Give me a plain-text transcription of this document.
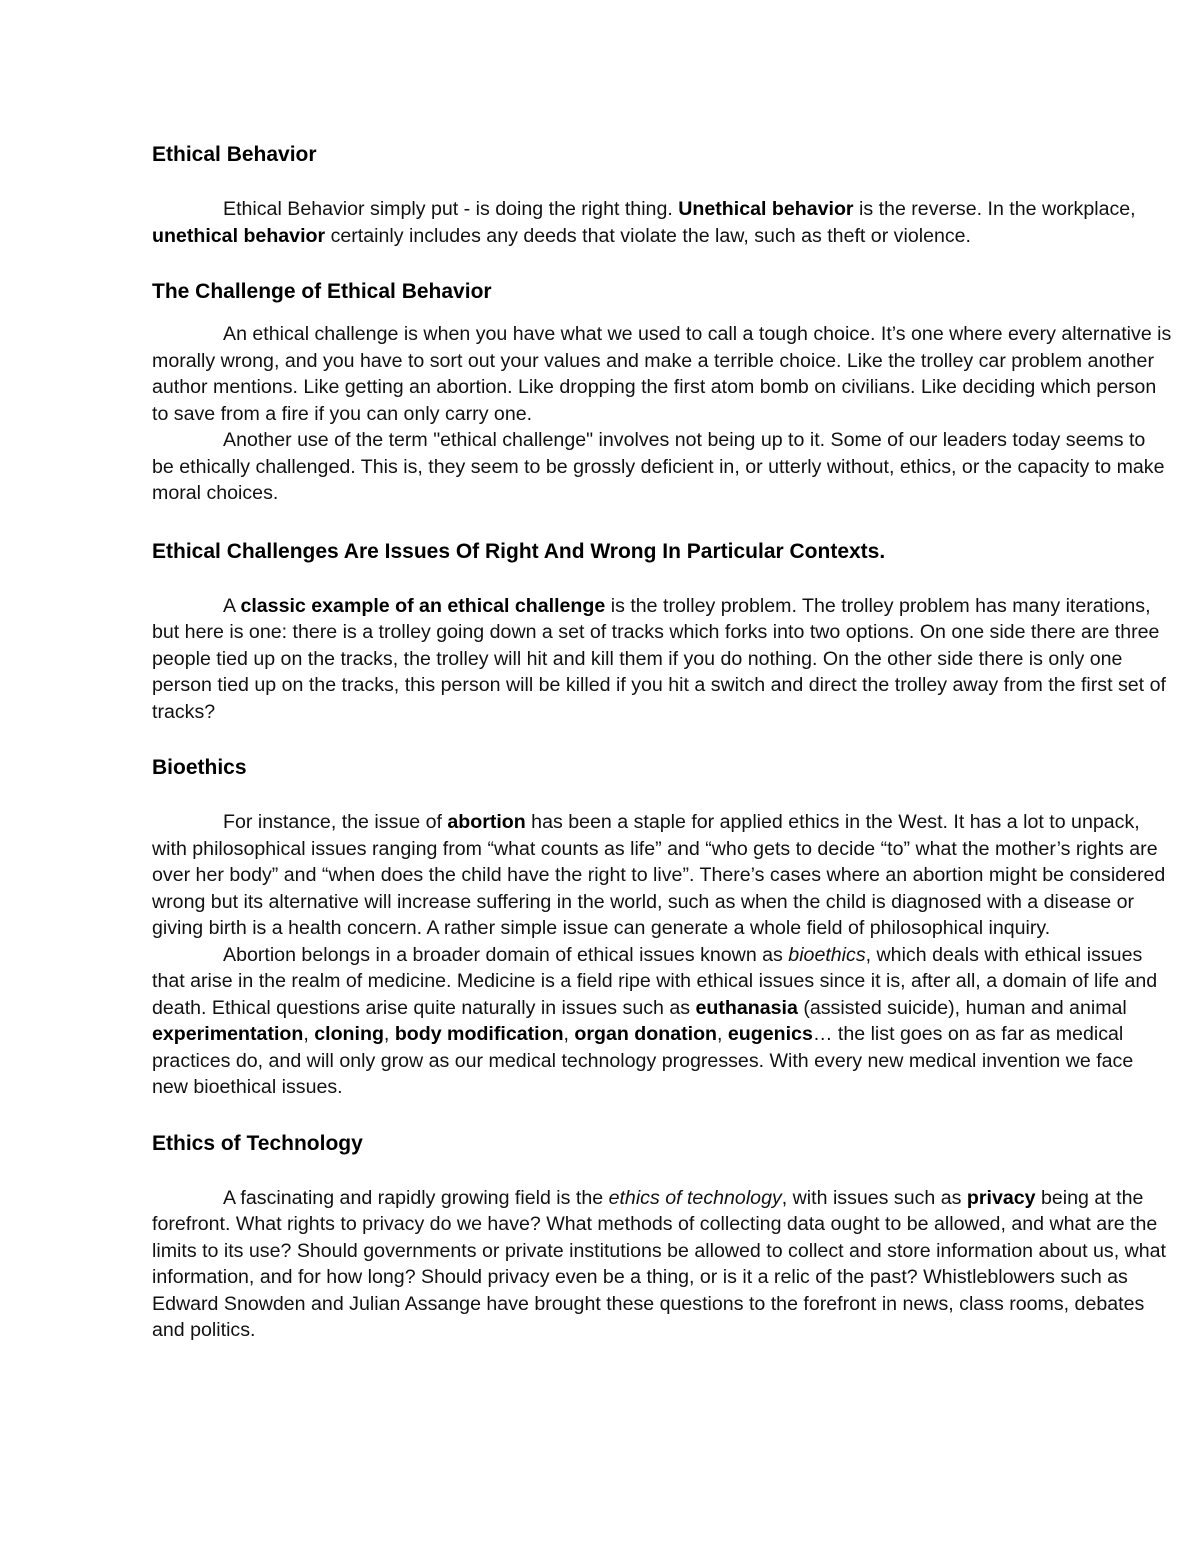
Ethical Behavior

Ethical Behavior simply put - is doing the right thing. Unethical behavior is the reverse. In the workplace, unethical behavior certainly includes any deeds that violate the law, such as theft or violence.

The Challenge of Ethical Behavior

An ethical challenge is when you have what we used to call a tough choice. It’s one where every alternative is morally wrong, and you have to sort out your values and make a terrible choice. Like the trolley car problem another author mentions. Like getting an abortion. Like dropping the first atom bomb on civilians. Like deciding which person to save from a fire if you can only carry one.

Another use of the term "ethical challenge" involves not being up to it. Some of our leaders today seems to be ethically challenged. This is, they seem to be grossly deficient in, or utterly without, ethics, or the capacity to make moral choices.

Ethical Challenges Are Issues Of Right And Wrong In Particular Contexts.

A classic example of an ethical challenge is the trolley problem. The trolley problem has many iterations, but here is one: there is a trolley going down a set of tracks which forks into two options. On one side there are three people tied up on the tracks, the trolley will hit and kill them if you do nothing. On the other side there is only one person tied up on the tracks, this person will be killed if you hit a switch and direct the trolley away from the first set of tracks?

Bioethics

For instance, the issue of abortion has been a staple for applied ethics in the West. It has a lot to unpack, with philosophical issues ranging from “what counts as life” and “who gets to decide “to” what the mother’s rights are over her body” and “when does the child have the right to live”. There’s cases where an abortion might be considered wrong but its alternative will increase suffering in the world, such as when the child is diagnosed with a disease or giving birth is a health concern. A rather simple issue can generate a whole field of philosophical inquiry.

Abortion belongs in a broader domain of ethical issues known as bioethics, which deals with ethical issues that arise in the realm of medicine. Medicine is a field ripe with ethical issues since it is, after all, a domain of life and death. Ethical questions arise quite naturally in issues such as euthanasia (assisted suicide), human and animal experimentation, cloning, body modification, organ donation, eugenics… the list goes on as far as medical practices do, and will only grow as our medical technology progresses. With every new medical invention we face new bioethical issues.

Ethics of Technology

A fascinating and rapidly growing field is the ethics of technology, with issues such as privacy being at the forefront. What rights to privacy do we have? What methods of collecting data ought to be allowed, and what are the limits to its use? Should governments or private institutions be allowed to collect and store information about us, what information, and for how long? Should privacy even be a thing, or is it a relic of the past? Whistleblowers such as Edward Snowden and Julian Assange have brought these questions to the forefront in news, class rooms, debates and politics.
